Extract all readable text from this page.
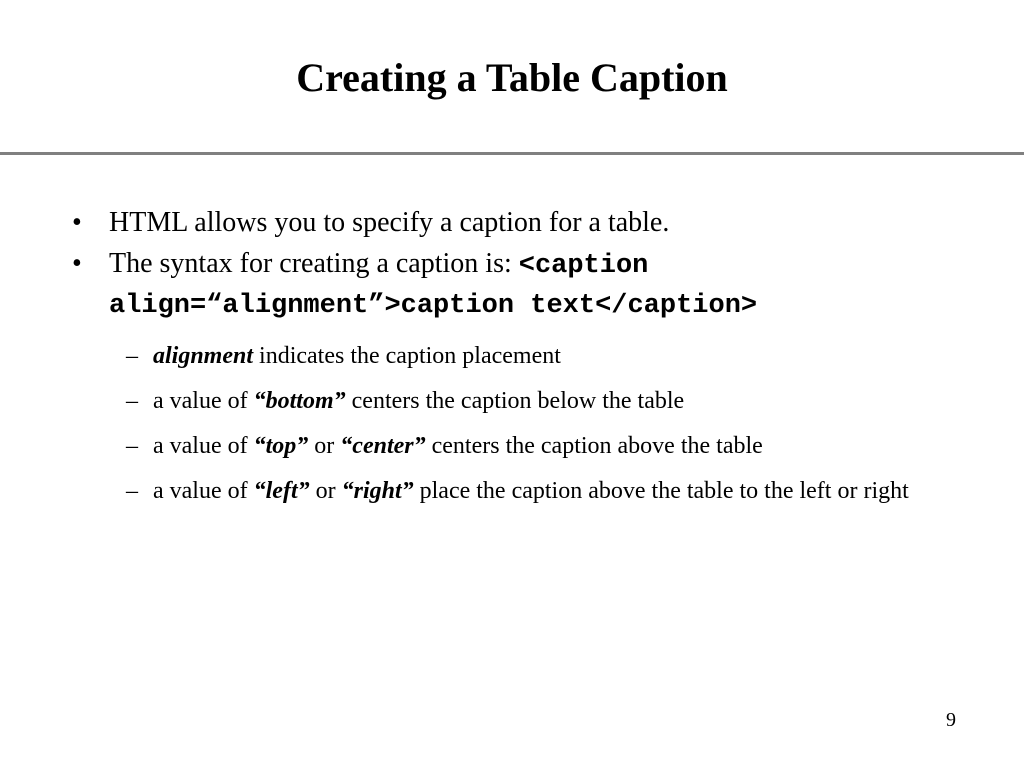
Creating a Table Caption
• HTML allows you to specify a caption for a table.
• The syntax for creating a caption is: <caption
align=“alignment”>caption text</caption>
– alignment indicates the caption placement
– a value of “bottom” centers the caption below the table
– a value of “top” or “center” centers the caption above the table
– a value of “left” or “right” place the caption above the table to the left or right
9
